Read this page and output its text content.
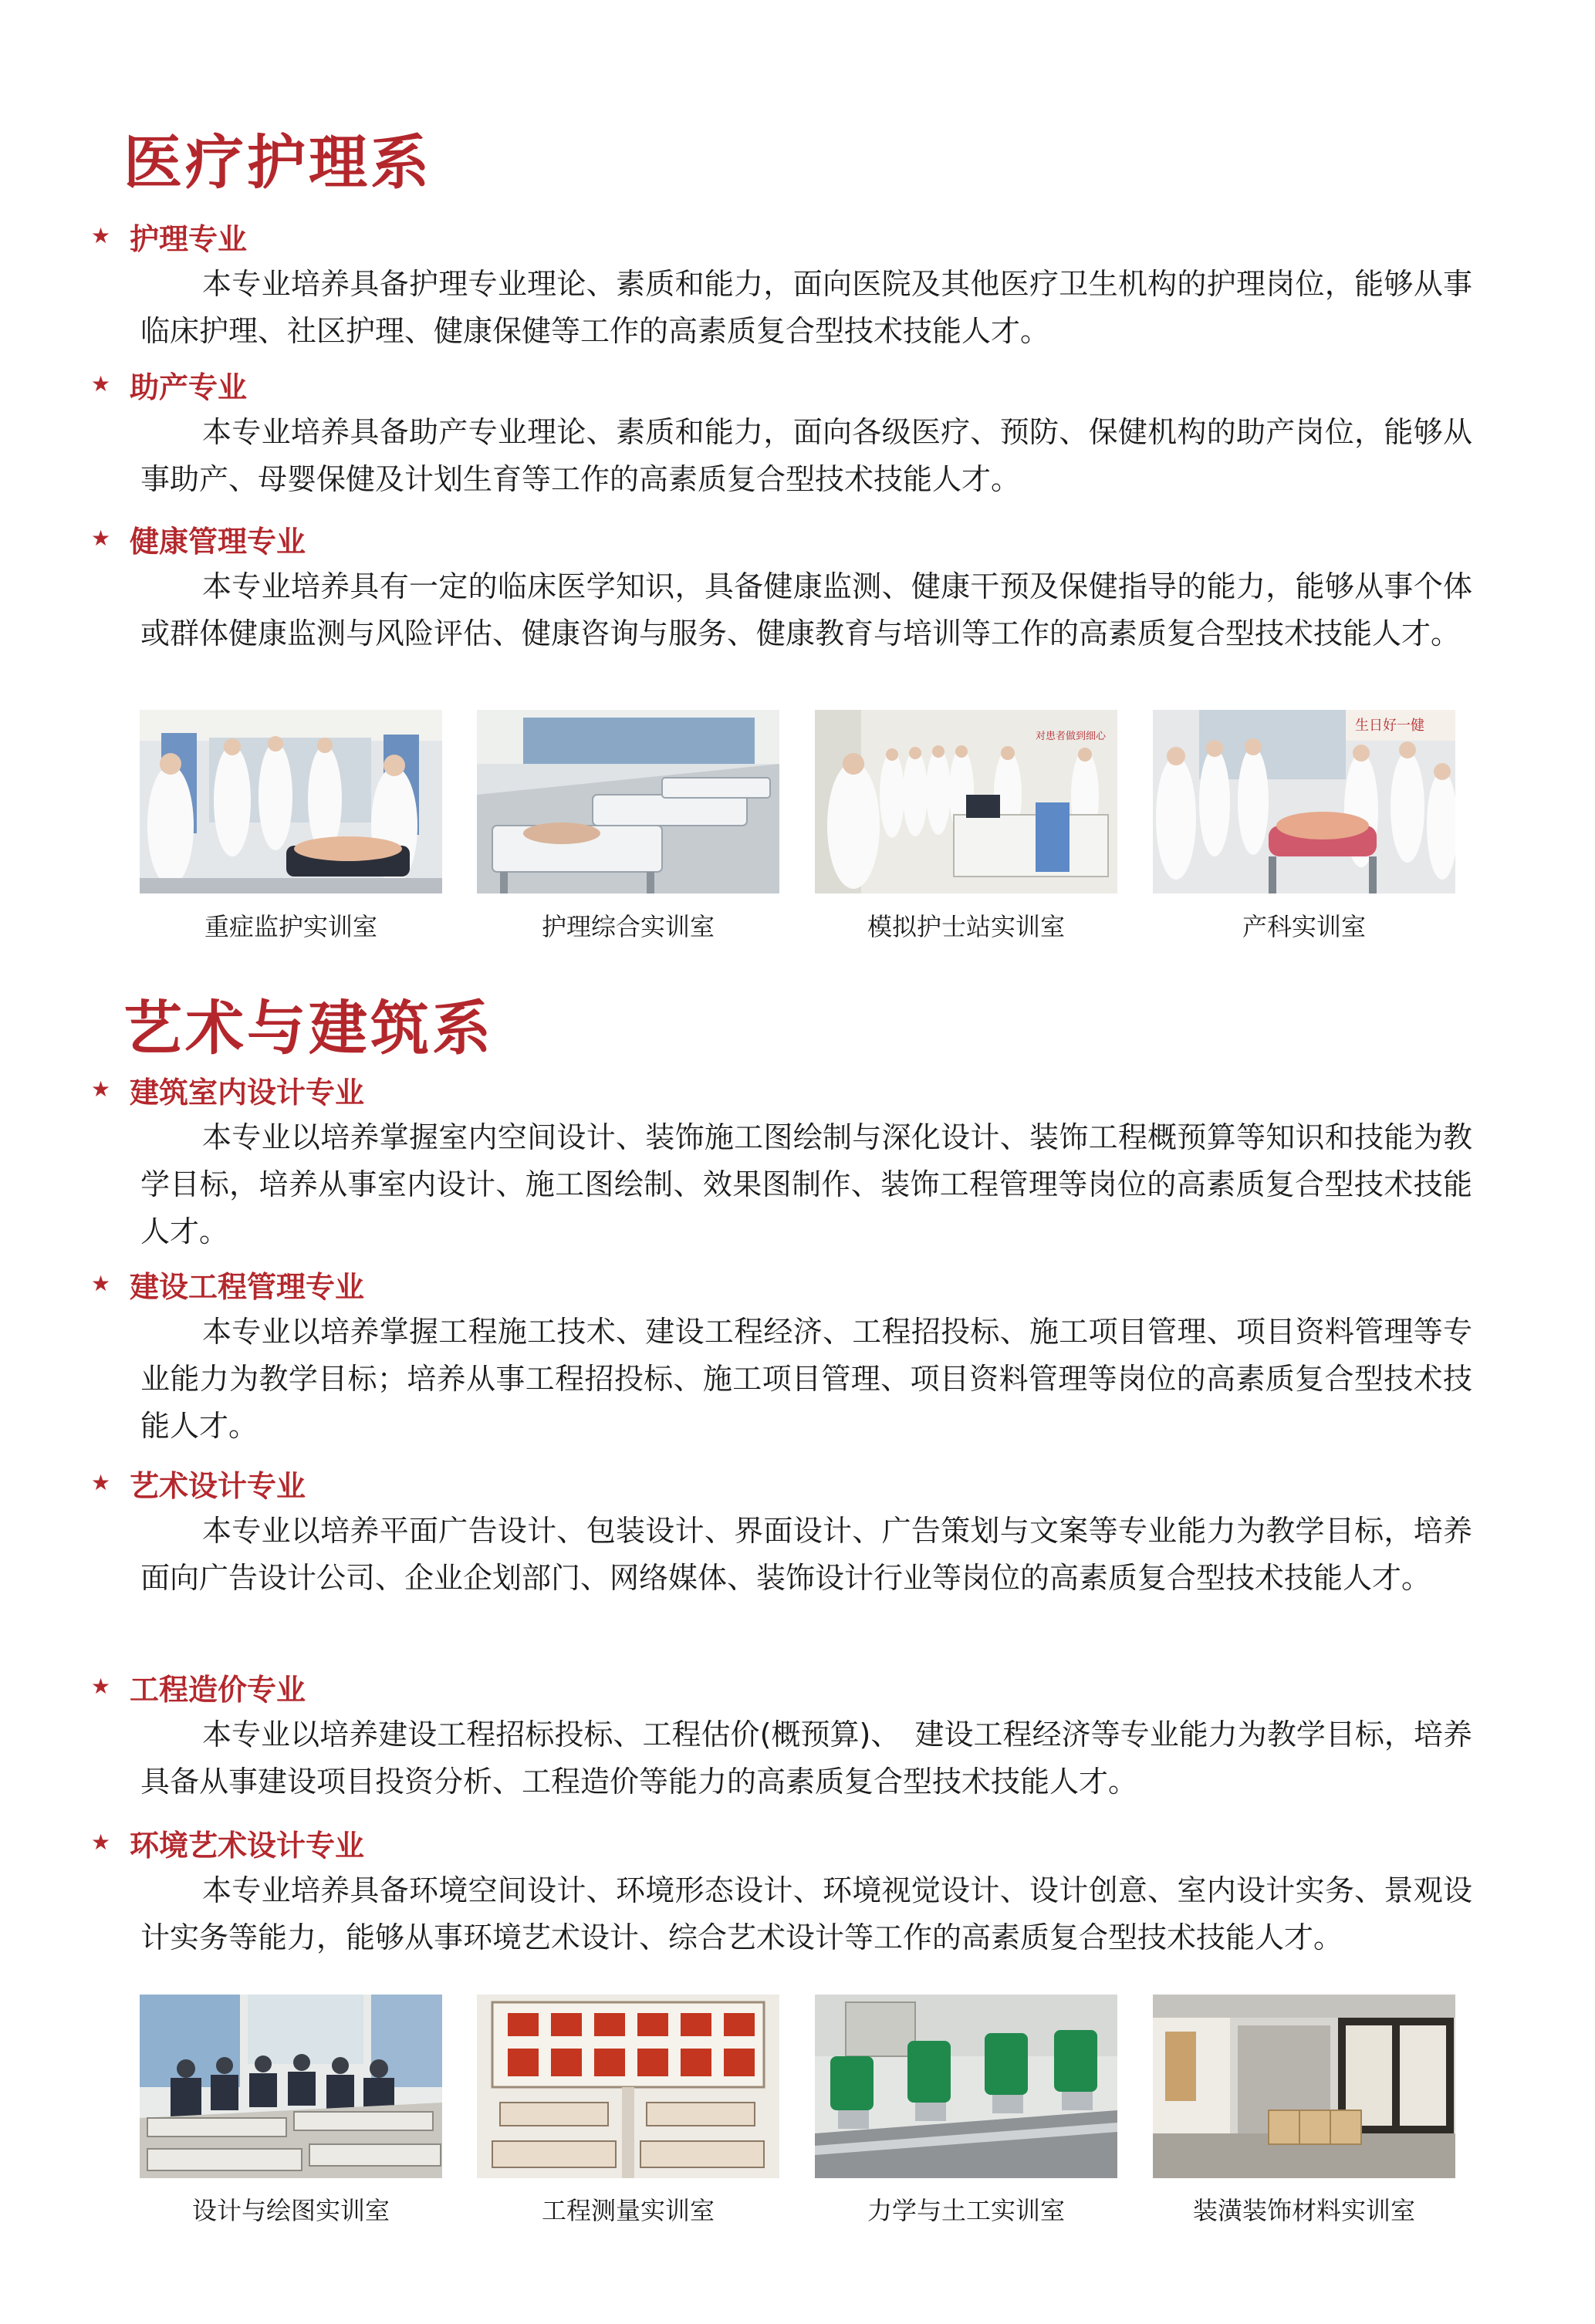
医疗护理系
★ 护理专业
本专业培养具备护理专业理论、素质和能力，面向医院及其他医疗卫生机构的护理岗位，能够从事临床护理、社区护理、健康保健等工作的高素质复合型技术技能人才。
★ 助产专业
本专业培养具备助产专业理论、素质和能力，面向各级医疗、预防、保健机构的助产岗位，能够从事助产、母婴保健及计划生育等工作的高素质复合型技术技能人才。
★ 健康管理专业
本专业培养具有一定的临床医学知识，具备健康监测、健康干预及保健指导的能力，能够从事个体或群体健康监测与风险评估、健康咨询与服务、健康教育与培训等工作的高素质复合型技术技能人才。
重症监护实训室	护理综合实训室
对患者做到细心
模拟护士站实训室
生日好一健
产科实训室
艺术与建筑系
★ 建筑室内设计专业
本专业以培养掌握室内空间设计、装饰施工图绘制与深化设计、装饰工程概预算等知识和技能为教学目标，培养从事室内设计、施工图绘制、效果图制作、装饰工程管理等岗位的高素质复合型技术技能人才。
★ 建设工程管理专业
本专业以培养掌握工程施工技术、建设工程经济、工程招投标、施工项目管理、项目资料管理等专业能力为教学目标；培养从事工程招投标、施工项目管理、项目资料管理等岗位的高素质复合型技术技能人才。
★ 艺术设计专业
本专业以培养平面广告设计、包装设计、界面设计、广告策划与文案等专业能力为教学目标，培养面向广告设计公司、企业企划部门、网络媒体、装饰设计行业等岗位的高素质复合型技术技能人才。
★ 工程造价专业
本专业以培养建设工程招标投标、工程估价(概预算)、　建设工程经济等专业能力为教学目标，培养具备从事建设项目投资分析、工程造价等能力的高素质复合型技术技能人才。
★ 环境艺术设计专业
本专业培养具备环境空间设计、环境形态设计、环境视觉设计、设计创意、室内设计实务、景观设计实务等能力，能够从事环境艺术设计、综合艺术设计等工作的高素质复合型技术技能人才。
设计与绘图实训室	工程测量实训室	力学与土工实训室	装潢装饰材料实训室
